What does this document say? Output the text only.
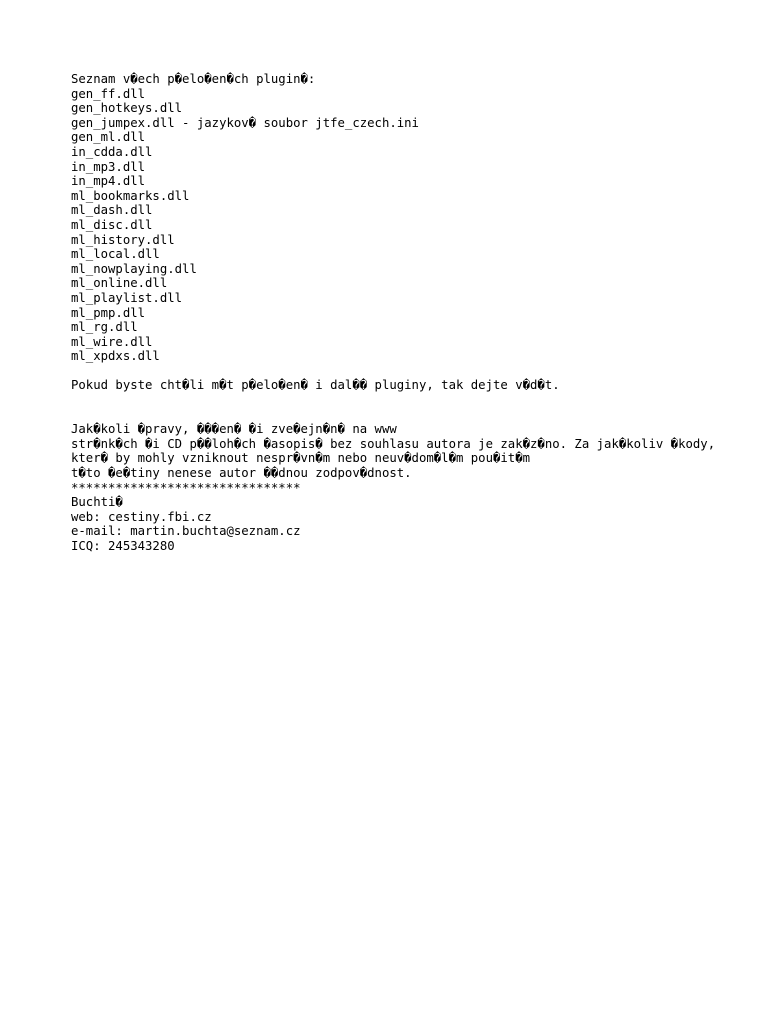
Seznam v�ech p�elo�en�ch plugin�:
gen_ff.dll
gen_hotkeys.dll
gen_jumpex.dll - jazykov� soubor jtfe_czech.ini
gen_ml.dll
in_cdda.dll
in_mp3.dll
in_mp4.dll
ml_bookmarks.dll
ml_dash.dll
ml_disc.dll
ml_history.dll
ml_local.dll
ml_nowplaying.dll
ml_online.dll
ml_playlist.dll
ml_pmp.dll
ml_rg.dll
ml_wire.dll
ml_xpdxs.dll
Pokud byste cht�li m�t p�elo�en� i dal�� pluginy, tak dejte v�d�t.
Jak�koli �pravy, ���en� �i zve�ejn�n� na www
str�nk�ch �i CD p��loh�ch �asopis� bez souhlasu autora je zak�z�no. Za jak�koliv �kody,
kter� by mohly vzniknout nespr�vn�m nebo neuv�dom�l�m pou�it�m
t�to �e�tiny nenese autor ��dnou zodpov�dnost.
*******************************
Buchti�
web: cestiny.fbi.cz
e-mail: martin.buchta@seznam.cz
ICQ: 245343280
